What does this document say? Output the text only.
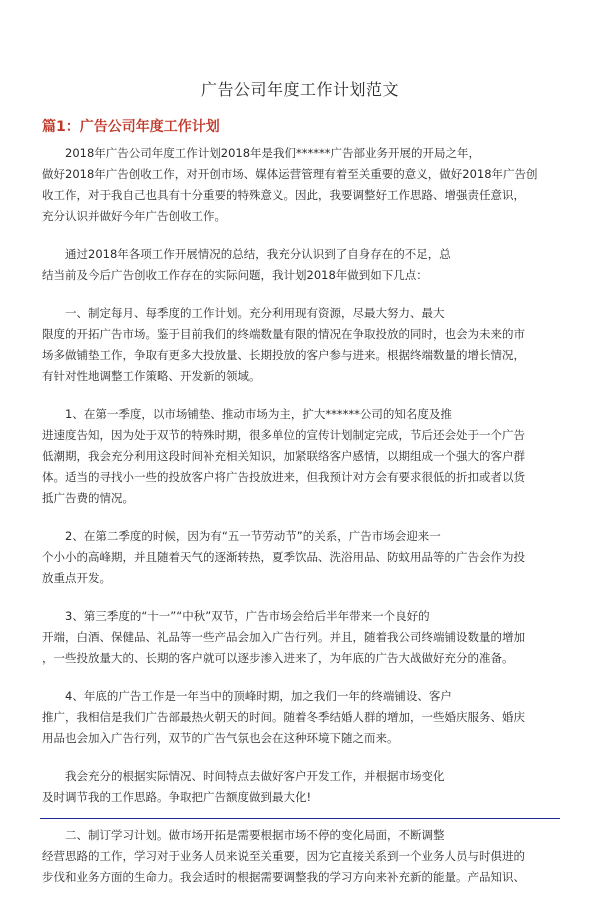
广告公司年度工作计划范文
篇1：广告公司年度工作计划
2018年广告公司年度工作计划2018年是我们******广告部业务开展的开局之年，
做好2018年广告创收工作，对开创市场、媒体运营管理有着至关重要的意义，做好2018年广告创
收工作，对于我自己也具有十分重要的特殊意义。因此，我要调整好工作思路、增强责任意识，
充分认识并做好今年广告创收工作。
通过2018年各项工作开展情况的总结，我充分认识到了自身存在的不足，总
结当前及今后广告创收工作存在的实际问题，我计划2018年做到如下几点：
一、制定每月、每季度的工作计划。充分利用现有资源，尽最大努力、最大
限度的开拓广告市场。鉴于目前我们的终端数量有限的情况在争取投放的同时，也会为未来的市
场多做铺垫工作，争取有更多大投放量、长期投放的客户参与进来。根据终端数量的增长情况，
有针对性地调整工作策略、开发新的领域。
1、在第一季度，以市场铺垫、推动市场为主，扩大******公司的知名度及推
进速度告知，因为处于双节的特殊时期，很多单位的宣传计划制定完成，节后还会处于一个广告
低潮期，我会充分利用这段时间补充相关知识，加紧联络客户感情，以期组成一个强大的客户群
体。适当的寻找小一些的投放客户将广告投放进来，但我预计对方会有要求很低的折扣或者以货
抵广告费的情况。
2、在第二季度的时候，因为有“五一节劳动节”的关系，广告市场会迎来一
个小小的高峰期，并且随着天气的逐渐转热，夏季饮品、洗浴用品、防蚊用品等的广告会作为投
放重点开发。
3、第三季度的“十一”“中秋”双节，广告市场会给后半年带来一个良好的
开端，白酒、保健品、礼品等一些产品会加入广告行列。并且，随着我公司终端铺设数量的增加
，一些投放量大的、长期的客户就可以逐步渗入进来了，为年底的广告大战做好充分的准备。
4、年底的广告工作是一年当中的顶峰时期，加之我们一年的终端铺设、客户
推广，我相信是我们广告部最热火朝天的时间。随着冬季结婚人群的增加，一些婚庆服务、婚庆
用品也会加入广告行列，双节的广告气氛也会在这种环境下随之而来。
我会充分的根据实际情况、时间特点去做好客户开发工作，并根据市场变化
及时调节我的工作思路。争取把广告额度做到最大化!
二、制订学习计划。做市场开拓是需要根据市场不停的变化局面，不断调整
经营思路的工作，学习对于业务人员来说至关重要，因为它直接关系到一个业务人员与时俱进的
步伐和业务方面的生命力。我会适时的根据需要调整我的学习方向来补充新的能量。产品知识、
